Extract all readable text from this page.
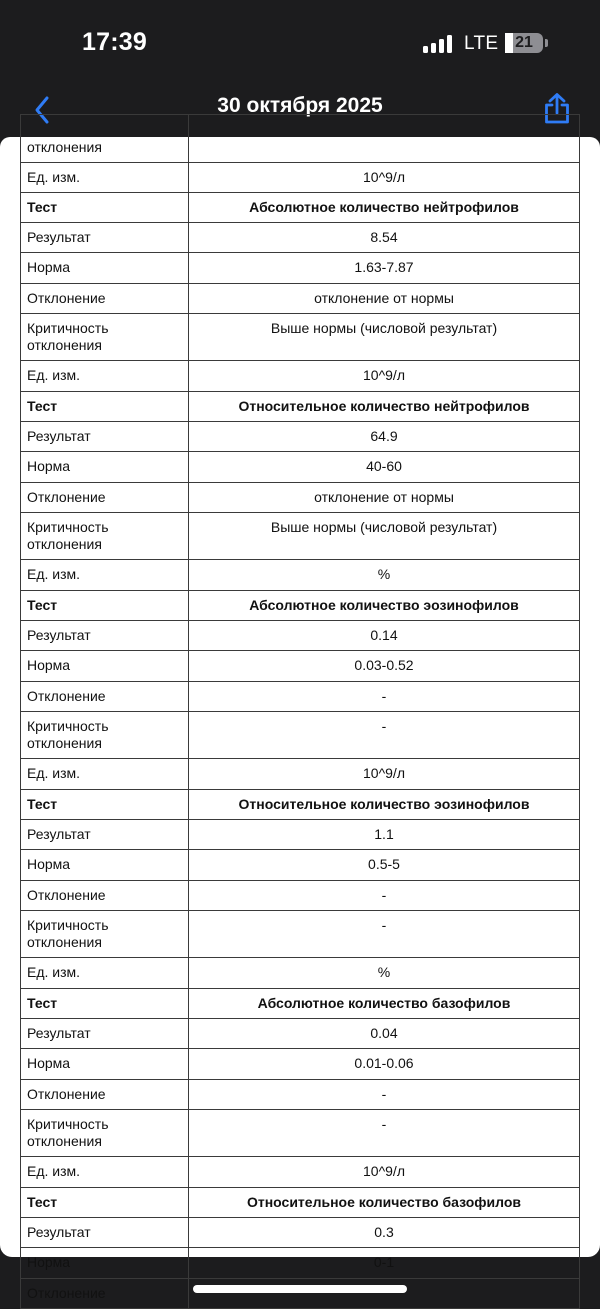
17:39	LTE	21
30 октября 2025

отклонения	
Ед. изм.	10^9/л
Тест	Абсолютное количество нейтрофилов
Результат	8.54
Норма	1.63-7.87
Отклонение	отклонение от нормы
Критичность отклонения	Выше нормы (числовой результат)
Ед. изм.	10^9/л
Тест	Относительное количество нейтрофилов
Результат	64.9
Норма	40-60
Отклонение	отклонение от нормы
Критичность отклонения	Выше нормы (числовой результат)
Ед. изм.	%
Тест	Абсолютное количество эозинофилов
Результат	0.14
Норма	0.03-0.52
Отклонение	-
Критичность отклонения	-
Ед. изм.	10^9/л
Тест	Относительное количество эозинофилов
Результат	1.1
Норма	0.5-5
Отклонение	-
Критичность отклонения	-
Ед. изм.	%
Тест	Абсолютное количество базофилов
Результат	0.04
Норма	0.01-0.06
Отклонение	-
Критичность отклонения	-
Ед. изм.	10^9/л
Тест	Относительное количество базофилов
Результат	0.3
Норма	0-1
Отклонение	
